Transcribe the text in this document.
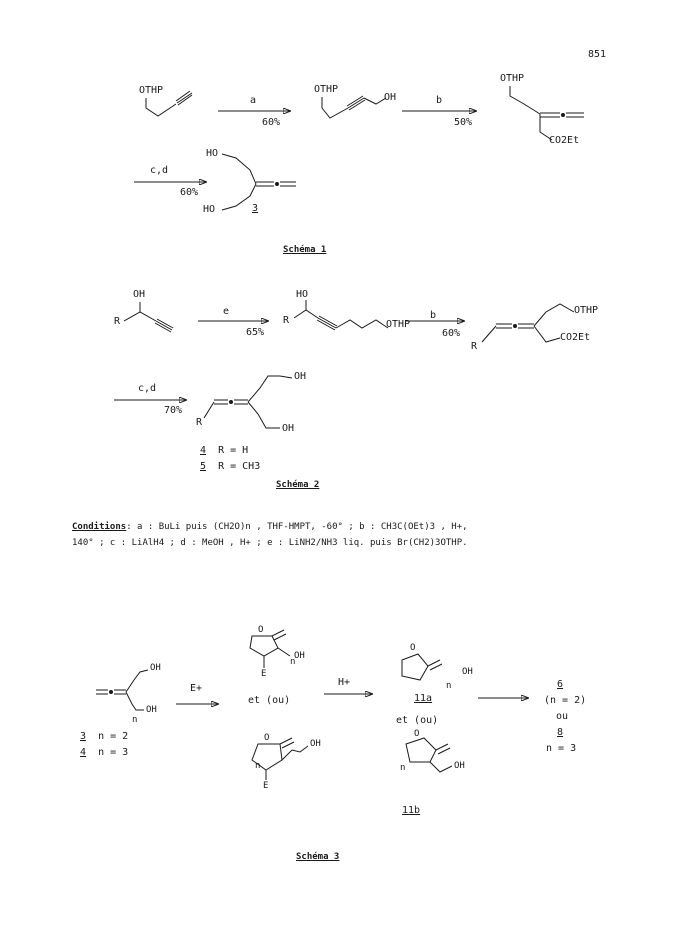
851
OTHP
a
60%
OTHP
OH	b
50%
OTHP
CO2Et
c,d
60%
HO
HO	3
Schéma 1
OH
R
e
65%
HO
R	OTHP
b
60%
R
OTHP
CO2Et
c,d
70%
R
OH
OH
4 R = H
5 R = CH3
Schéma 2
Conditions: a : BuLi puis (CH2O)n , THF-HMPT, -60° ; b : CH3C(OEt)3 , H+,
140° ; c : LiAlH4 ; d : MeOH , H+ ; e : LiNH2/NH3 liq. puis Br(CH2)3OTHP.
OH
n
OH
3 n = 2
4 n = 3
E+
O
n
OH
E
et (ou)
O
n
OH
E
H+
O
n
OH
11a
et (ou)
O
n	OH
11b
6
(n = 2)
ou
8
n = 3
Schéma 3
